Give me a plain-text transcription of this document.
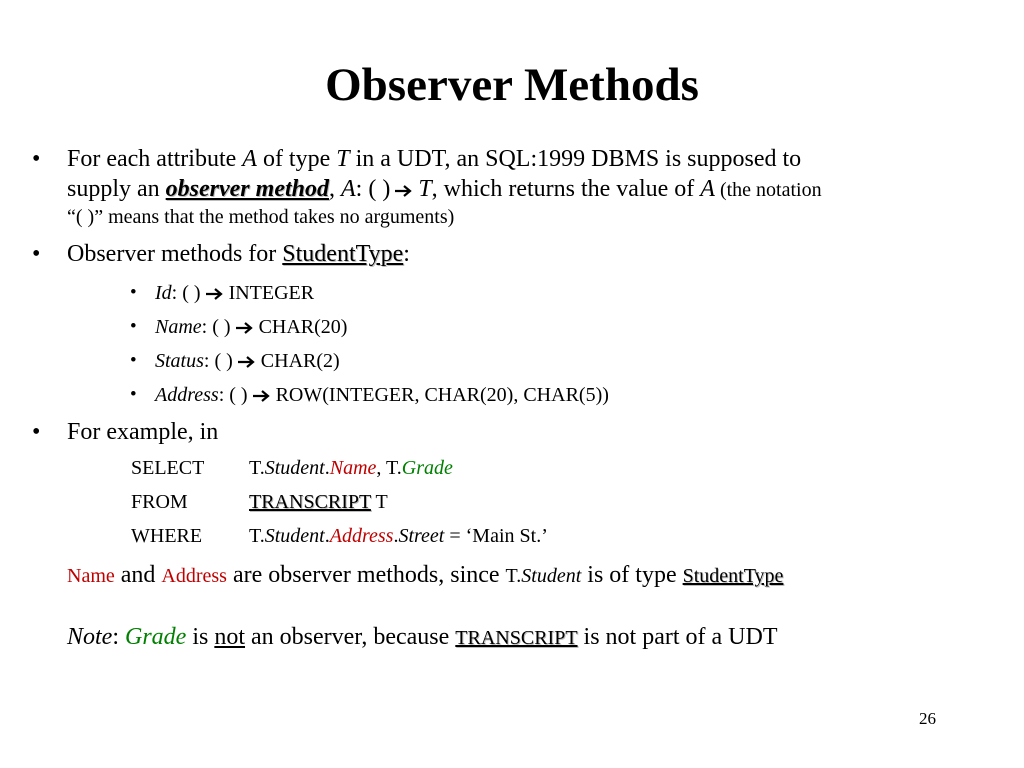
Observer Methods
• For each attribute A of type T in a UDT, an SQL:1999 DBMS is supposed to
supply an observer method, A: ( ) T, which returns the value of A (the notation
“( )” means that the method takes no arguments)
• Observer methods for StudentType:
• Id: ( ) INTEGER
• Name: ( ) CHAR(20)
• Status: ( ) CHAR(2)
• Address: ( ) ROW(INTEGER, CHAR(20), CHAR(5))
• For example, in
SELECT T.Student.Name, T.Grade
FROM	TRANSCRIPT T
WHERE T.Student.Address.Street = ‘Main St.’
Name and Address are observer methods, since T.Student is of type StudentType
Note: Grade is not an observer, because TRANSCRIPT is not part of a UDT
26
